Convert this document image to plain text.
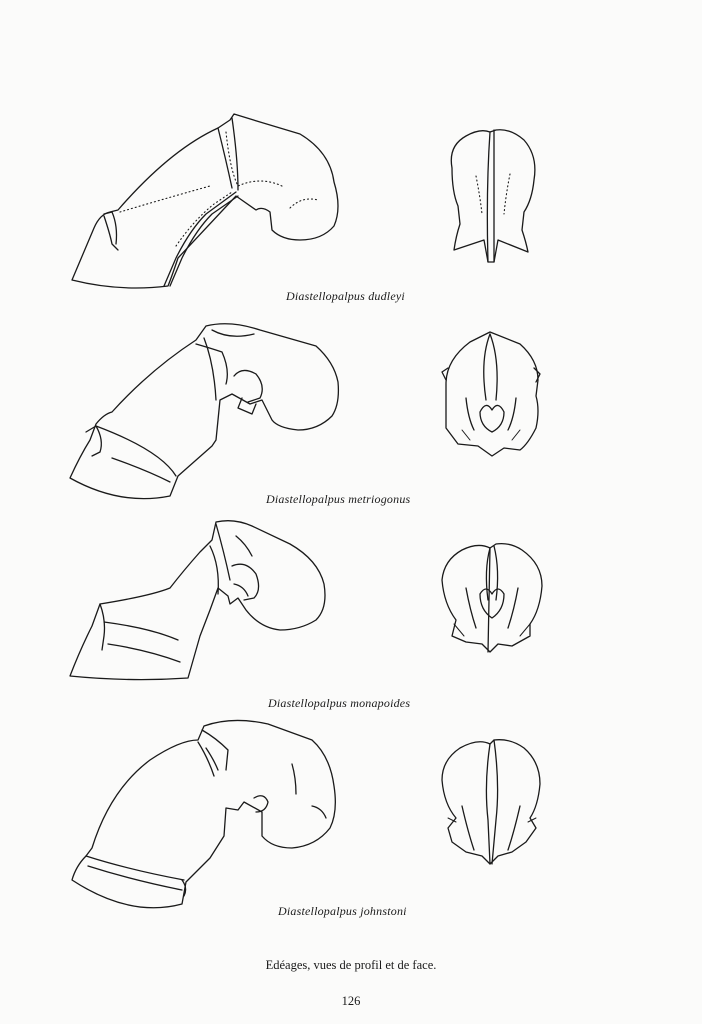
Diastellopalpus dudleyi
Diastellopalpus metriogonus
Diastellopalpus monapoides
Diastellopalpus johnstoni
Edéages, vues de profil et de face.
126
